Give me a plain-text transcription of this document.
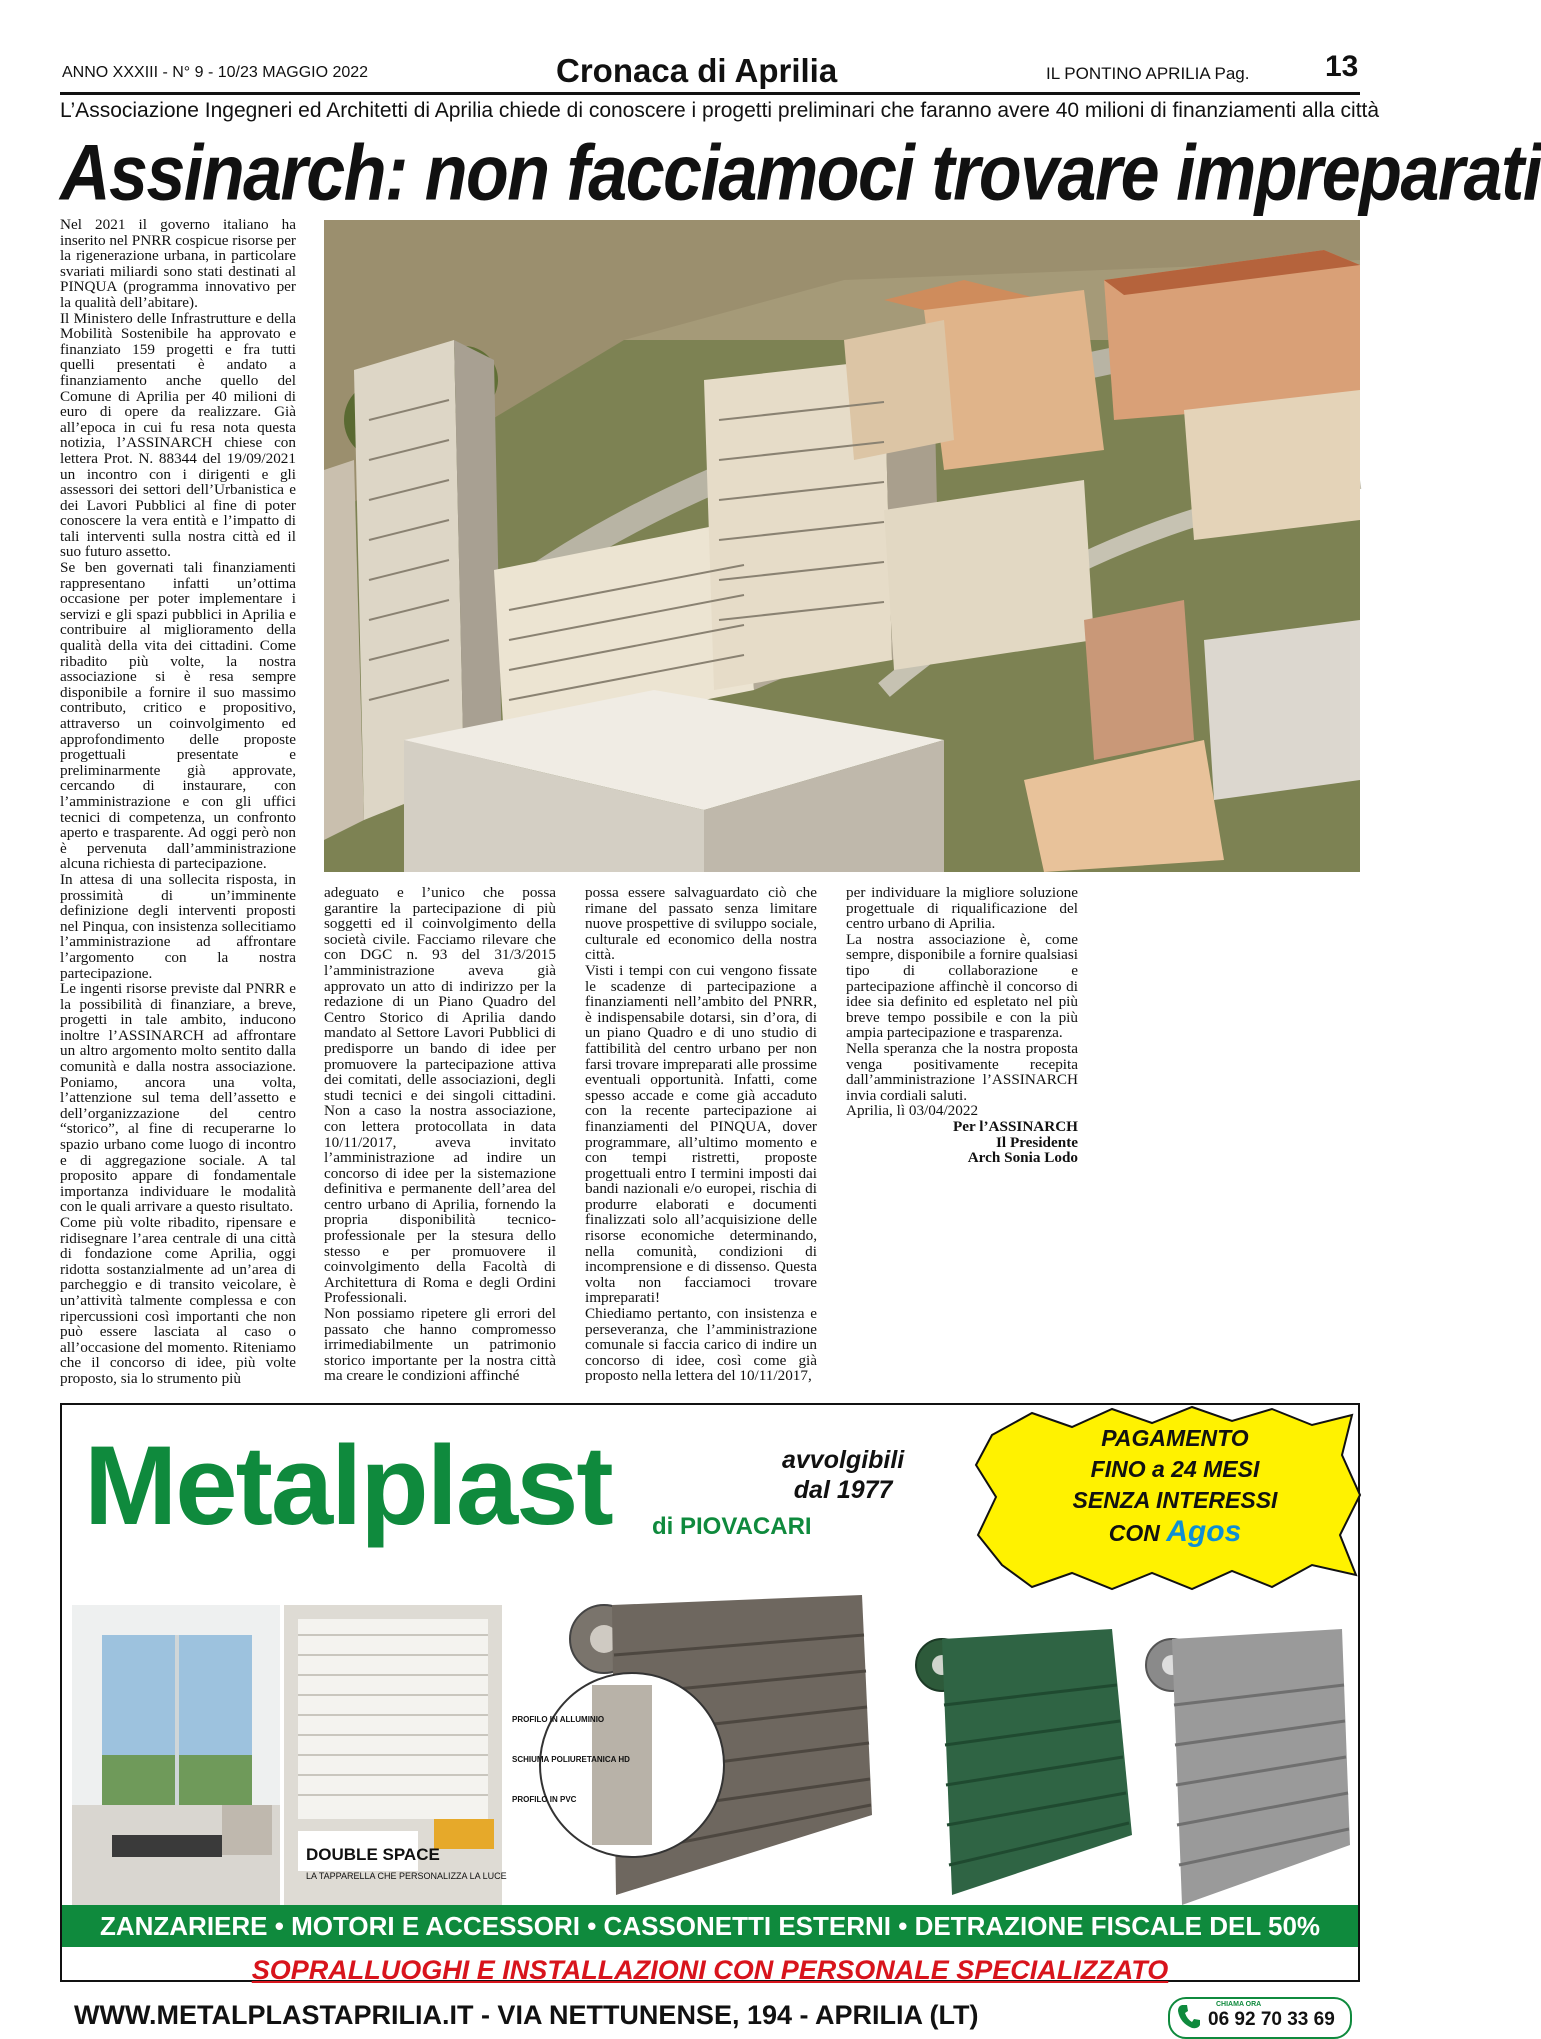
ANNO XXXIII - N° 9 - 10/23 MAGGIO 2022	Cronaca di Aprilia	IL PONTINO APRILIA Pag.	13
L’Associazione Ingegneri ed Architetti di Aprilia chiede di conoscere i progetti preliminari che faranno avere 40 milioni di finanziamenti alla città
Assinarch: non facciamoci trovare impreparati

Nel 2021 il governo italiano ha inserito nel PNRR cospicue risorse per la rigenerazione urbana, in particolare svariati miliardi sono stati destinati al PINQUA (programma innovativo per la qualità dell’abitare).

Il Ministero delle Infrastrutture e della Mobilità Sostenibile ha approvato e finanziato 159 progetti e fra tutti quelli presentati è andato a finanziamento anche quello del Comune di Aprilia per 40 milioni di euro di opere da realizzare. Già all’epoca in cui fu resa nota questa notizia, l’ASSINARCH chiese con lettera Prot. N. 88344 del 19/09/2021 un incontro con i dirigenti e gli assessori dei settori dell’Urbanistica e dei Lavori Pubblici al fine di poter conoscere la vera entità e l’impatto di tali interventi sulla nostra città ed il suo futuro assetto.

Se ben governati tali finanziamenti rappresentano infatti un’ottima occasione per poter implementare i servizi e gli spazi pubblici in Aprilia e contribuire al miglioramento della qualità della vita dei cittadini. Come ribadito più volte, la nostra associazione si è resa sempre disponibile a fornire il suo massimo contributo, critico e propositivo, attraverso un coinvolgimento ed approfondimento delle proposte progettuali presentate e preliminarmente già approvate, cercando di instaurare, con l’amministrazione e con gli uffici tecnici di competenza, un confronto aperto e trasparente. Ad oggi però non è pervenuta dall’amministrazione alcuna richiesta di partecipazione.

In attesa di una sollecita risposta, in prossimità di un’imminente definizione degli interventi proposti nel Pinqua, con insistenza sollecitiamo l’amministrazione ad affrontare l’argomento con la nostra partecipazione.

Le ingenti risorse previste dal PNRR e la possibilità di finanziare, a breve, progetti in tale ambito, inducono inoltre l’ASSINARCH ad affrontare un altro argomento molto sentito dalla comunità e dalla nostra associazione. Poniamo, ancora una volta, l’attenzione sul tema dell’assetto e dell’organizzazione del centro “storico”, al fine di recuperarne lo spazio urbano come luogo di incontro e di aggregazione sociale. A tal proposito appare di fondamentale importanza individuare le modalità con le quali arrivare a questo risultato.

Come più volte ribadito, ripensare e ridisegnare l’area centrale di una città di fondazione come Aprilia, oggi ridotta sostanzialmente ad un’area di parcheggio e di transito veicolare, è un’attività talmente complessa e con ripercussioni così importanti che non può essere lasciata al caso o all’occasione del momento. Riteniamo che il concorso di idee, più volte proposto, sia lo strumento più

adeguato e l’unico che possa garantire la partecipazione di più soggetti ed il coinvolgimento della società civile. Facciamo rilevare che con DGC n. 93 del 31/3/2015 l’amministrazione aveva già approvato un atto di indirizzo per la redazione di un Piano Quadro del Centro Storico di Aprilia dando mandato al Settore Lavori Pubblici di predisporre un bando di idee per promuovere la partecipazione attiva dei comitati, delle associazioni, degli studi tecnici e dei singoli cittadini. Non a caso la nostra associazione, con lettera protocollata in data 10/11/2017, aveva invitato l’amministrazione ad indire un concorso di idee per la sistemazione definitiva e permanente dell’area del centro urbano di Aprilia, fornendo la propria disponibilità tecnico-professionale per la stesura dello stesso e per promuovere il coinvolgimento della Facoltà di Architettura di Roma e degli Ordini Professionali.

Non possiamo ripetere gli errori del passato che hanno compromesso irrimediabilmente un patrimonio storico importante per la nostra città ma creare le condizioni affinché

possa essere salvaguardato ciò che rimane del passato senza limitare nuove prospettive di sviluppo sociale, culturale ed economico della nostra città.

Visti i tempi con cui vengono fissate le scadenze di partecipazione a finanziamenti nell’ambito del PNRR, è indispensabile dotarsi, sin d’ora, di un piano Quadro e di uno studio di fattibilità del centro urbano per non farsi trovare impreparati alle prossime eventuali opportunità. Infatti, come spesso accade e come già accaduto con la recente partecipazione ai finanziamenti del PINQUA, dover programmare, all’ultimo momento e con tempi ristretti, proposte progettuali entro I termini imposti dai bandi nazionali e/o europei, rischia di produrre elaborati e documenti finalizzati solo all’acquisizione delle risorse economiche determinando, nella comunità, condizioni di incomprensione e di dissenso. Questa volta non facciamoci trovare impreparati!

Chiediamo pertanto, con insistenza e perseveranza, che l’amministrazione comunale si faccia carico di indire un concorso di idee, così come già proposto nella lettera del 10/11/2017,

per individuare la migliore soluzione progettuale di riqualificazione del centro urbano di Aprilia.

La nostra associazione è, come sempre, disponibile a fornire qualsiasi tipo di collaborazione e partecipazione affinchè il concorso di idee sia definito ed espletato nel più breve tempo possibile e con la più ampia partecipazione e trasparenza.

Nella speranza che la nostra proposta venga positivamente recepita dall’amministrazione l’ASSINARCH invia cordiali saluti.

Aprilia, lì 03/04/2022

Per l’ASSINARCH

Il Presidente

Arch Sonia Lodo

Metalplast di PIOVACARI
avvolgibili
dal 1977
PAGAMENTO
FINO a 24 MESI
SENZA INTERESSI
CON Agos
DOUBLE SPACE
LA TAPPARELLA CHE PERSONALIZZA LA LUCE
PROFILO IN ALLUMINIO
SCHIUMA POLIURETANICA HD
PROFILO IN PVC
ZANZARIERE • MOTORI E ACCESSORI • CASSONETTI ESTERNI • DETRAZIONE FISCALE DEL 50%
SOPRALLUOGHI E INSTALLAZIONI CON PERSONALE SPECIALIZZATO
WWW.METALPLASTAPRILIA.IT - VIA NETTUNENSE, 194 - APRILIA (LT)	CHIAMA ORA
06 92 70 33 69
